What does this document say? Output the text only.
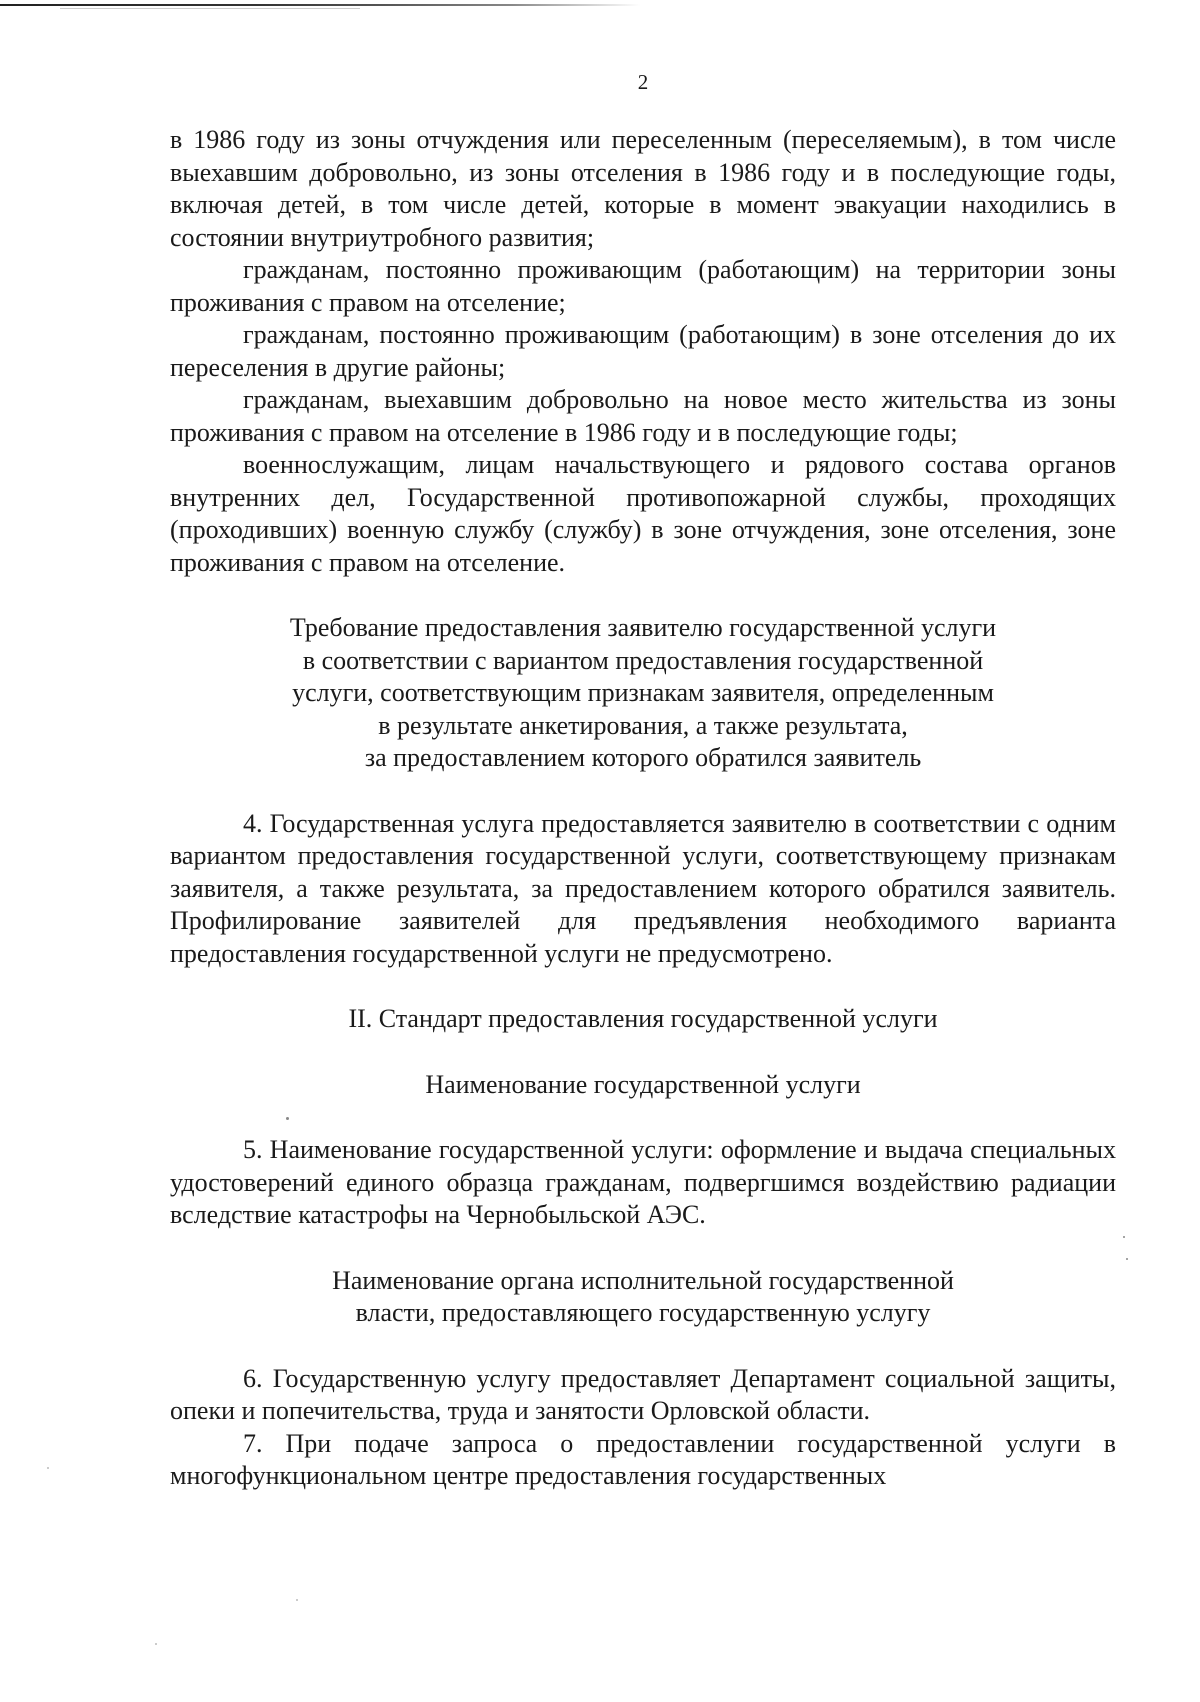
2

в 1986 году из зоны отчуждения или переселенным (переселяемым), в том числе выехавшим добровольно, из зоны отселения в 1986 году и в последующие годы, включая детей, в том числе детей, которые в момент эвакуации находились в состоянии внутриутробного развития;

гражданам, постоянно проживающим (работающим) на территории зоны проживания с правом на отселение;

гражданам, постоянно проживающим (работающим) в зоне отселения до их переселения в другие районы;

гражданам, выехавшим добровольно на новое место жительства из зоны проживания с правом на отселение в 1986 году и в последующие годы;

военнослужащим, лицам начальствующего и рядового состава органов внутренних дел, Государственной противопожарной службы, проходящих (проходивших) военную службу (службу) в зоне отчуждения, зоне отселения, зоне проживания с правом на отселение.

Требование предоставления заявителю государственной услуги
в соответствии с вариантом предоставления государственной
услуги, соответствующим признакам заявителя, определенным
в результате анкетирования, а также результата,
за предоставлением которого обратился заявитель

4. Государственная услуга предоставляется заявителю в соответствии с одним вариантом предоставления государственной услуги, соответствующему признакам заявителя, а также результата, за предоставлением которого обратился заявитель. Профилирование заявителей для предъявления необходимого варианта предоставления государственной услуги не предусмотрено.

II. Стандарт предоставления государственной услуги

Наименование государственной услуги

5. Наименование государственной услуги: оформление и выдача специальных удостоверений единого образца гражданам, подвергшимся воздействию радиации вследствие катастрофы на Чернобыльской АЭС.

Наименование органа исполнительной государственной
власти, предоставляющего государственную услугу

6. Государственную услугу предоставляет Департамент социальной защиты, опеки и попечительства, труда и занятости Орловской области.

7. При подаче запроса о предоставлении государственной услуги в многофункциональном центре предоставления государственных
